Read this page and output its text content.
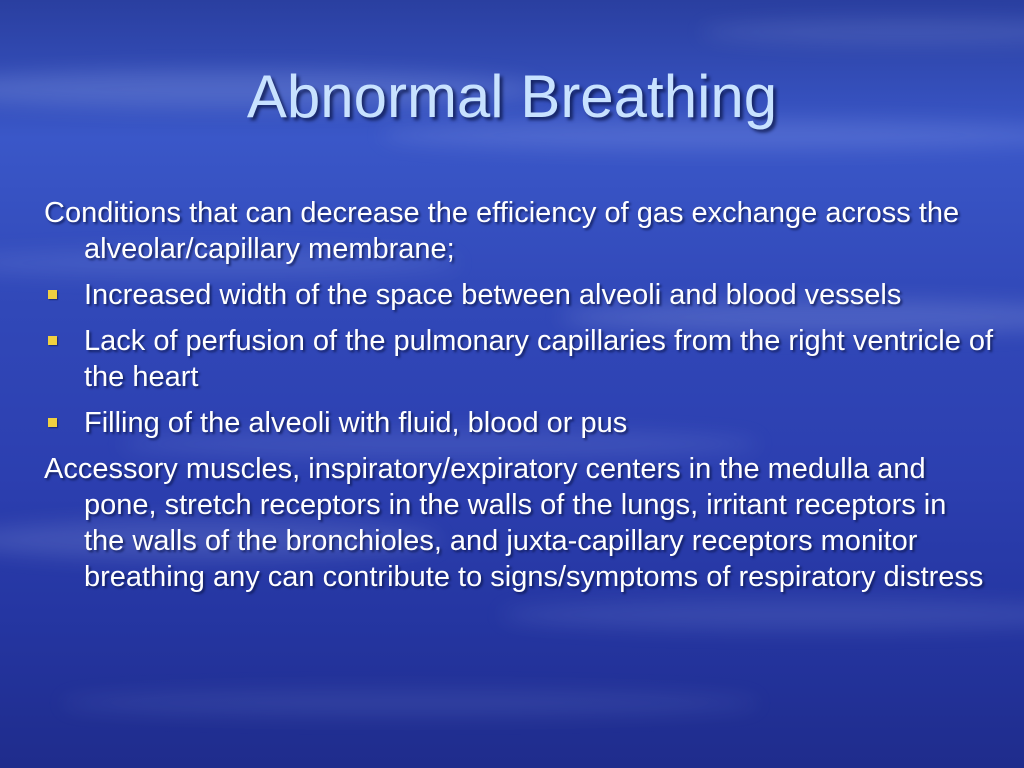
Abnormal Breathing

Conditions that can decrease the efficiency of gas exchange across the alveolar/capillary membrane;

Increased width of the space between alveoli and blood vessels
Lack of perfusion of the pulmonary capillaries from the right ventricle of the heart
Filling of the alveoli with fluid, blood or pus

Accessory muscles, inspiratory/expiratory centers in the medulla and pone, stretch receptors in the walls of the lungs, irritant receptors in the walls of the bronchioles, and juxta-capillary receptors monitor breathing any can contribute to signs/symptoms of respiratory distress
